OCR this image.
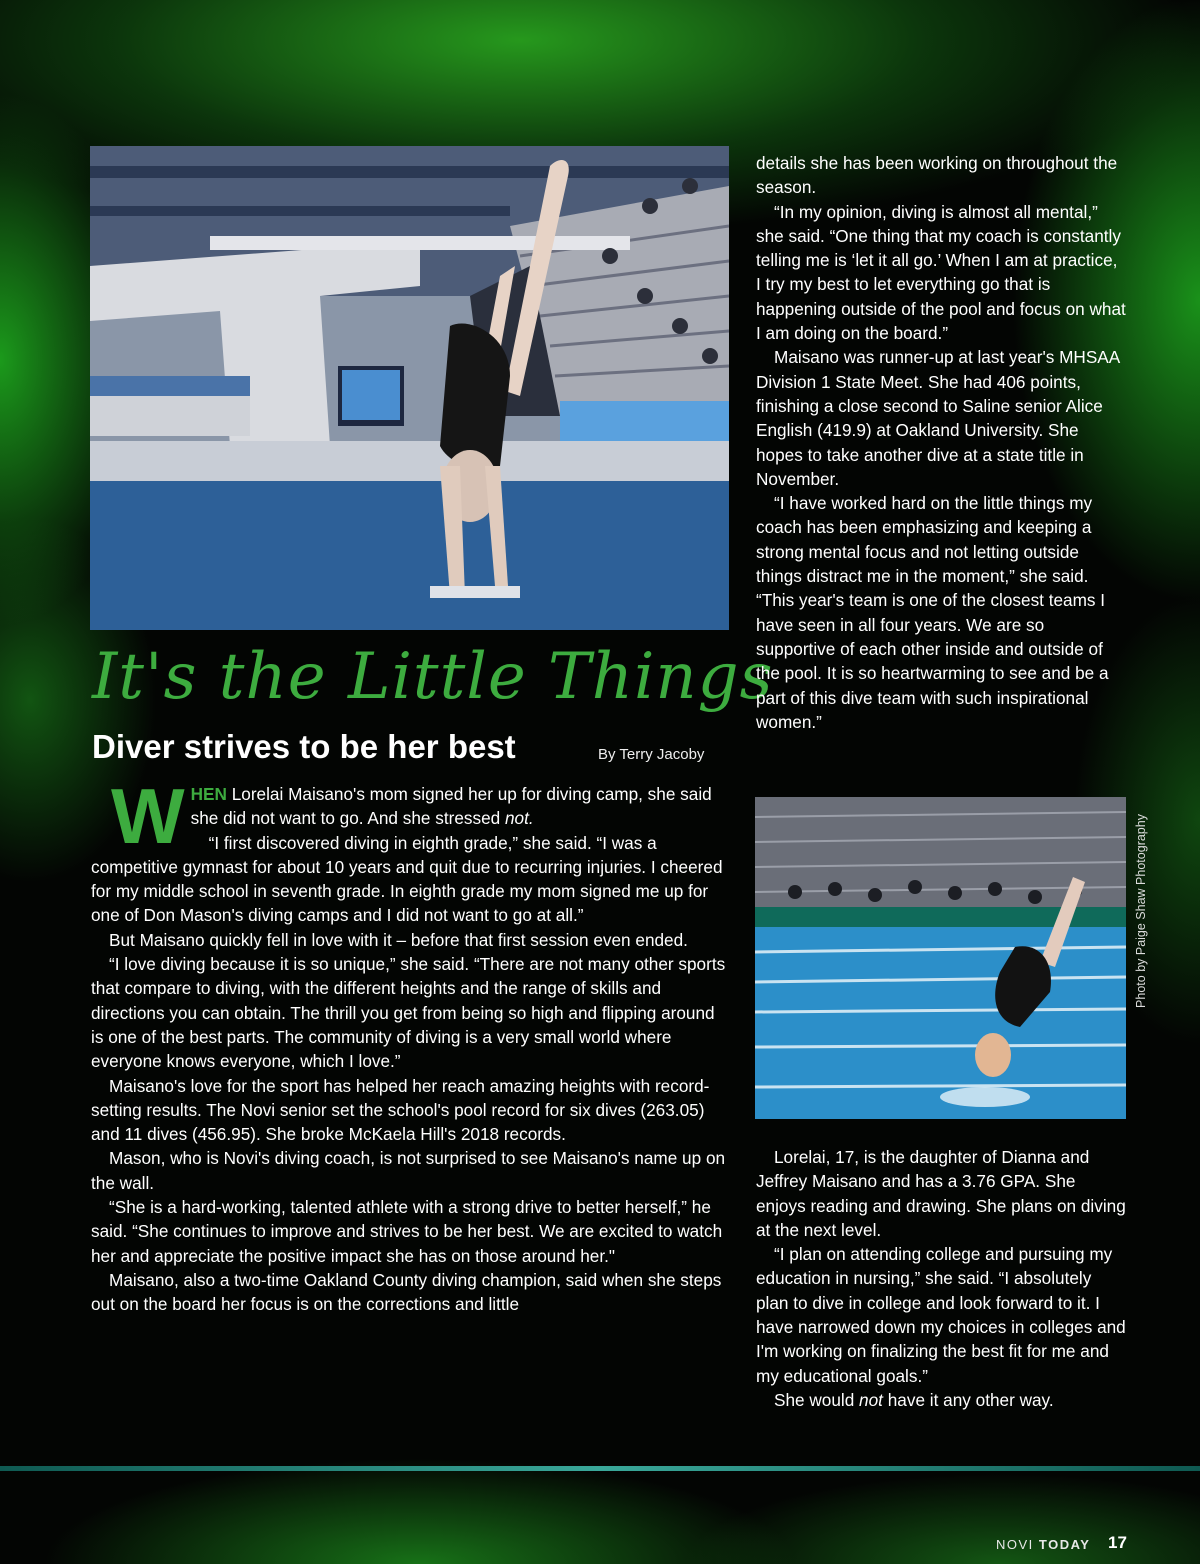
It's the Little Things
Diver strives to be her best	By Terry Jacoby

WHEN Lorelai Maisano's mom signed her up for diving camp, she said she did not want to go. And she stressed not.

“I first discovered diving in eighth grade,” she said. “I was a competitive gymnast for about 10 years and quit due to recurring injuries. I cheered for my middle school in seventh grade. In eighth grade my mom signed me up for one of Don Mason's diving camps and I did not want to go at all.”

But Maisano quickly fell in love with it – before that first session even ended.

“I love diving because it is so unique,” she said. “There are not many other sports that compare to diving, with the different heights and the range of skills and directions you can obtain. The thrill you get from being so high and flipping around is one of the best parts. The community of diving is a very small world where everyone knows everyone, which I love.”

Maisano's love for the sport has helped her reach amazing heights with record-setting results. The Novi senior set the school's pool record for six dives (263.05) and 11 dives (456.95). She broke McKaela Hill's 2018 records.

Mason, who is Novi's diving coach, is not surprised to see Maisano's name up on the wall.

“She is a hard-working, talented athlete with a strong drive to better herself,” he said. “She continues to improve and strives to be her best. We are excited to watch her and appreciate the positive impact she has on those around her."

Maisano, also a two-time Oakland County diving champion, said when she steps out on the board her focus is on the corrections and little

details she has been working on throughout the season.

“In my opinion, diving is almost all mental,” she said. “One thing that my coach is constantly telling me is ‘let it all go.’ When I am at practice, I try my best to let everything go that is happening outside of the pool and focus on what I am doing on the board.”

Maisano was runner-up at last year's MHSAA Division 1 State Meet. She had 406 points, finishing a close second to Saline senior Alice English (419.9) at Oakland University. She hopes to take another dive at a state title in November.

“I have worked hard on the little things my coach has been emphasizing and keeping a strong mental focus and not letting outside things distract me in the moment,” she said. “This year's team is one of the closest teams I have seen in all four years. We are so supportive of each other inside and outside of the pool. It is so heartwarming to see and be a part of this dive team with such inspirational women.”

Photo by Paige Shaw Photography

Lorelai, 17, is the daughter of Dianna and Jeffrey Maisano and has a 3.76 GPA. She enjoys reading and drawing. She plans on diving at the next level.

“I plan on attending college and pursuing my education in nursing,” she said. “I absolutely plan to dive in college and look forward to it. I have narrowed down my choices in colleges and I'm working on finalizing the best fit for me and my educational goals.”

She would not have it any other way.

NOVI TODAY 17
